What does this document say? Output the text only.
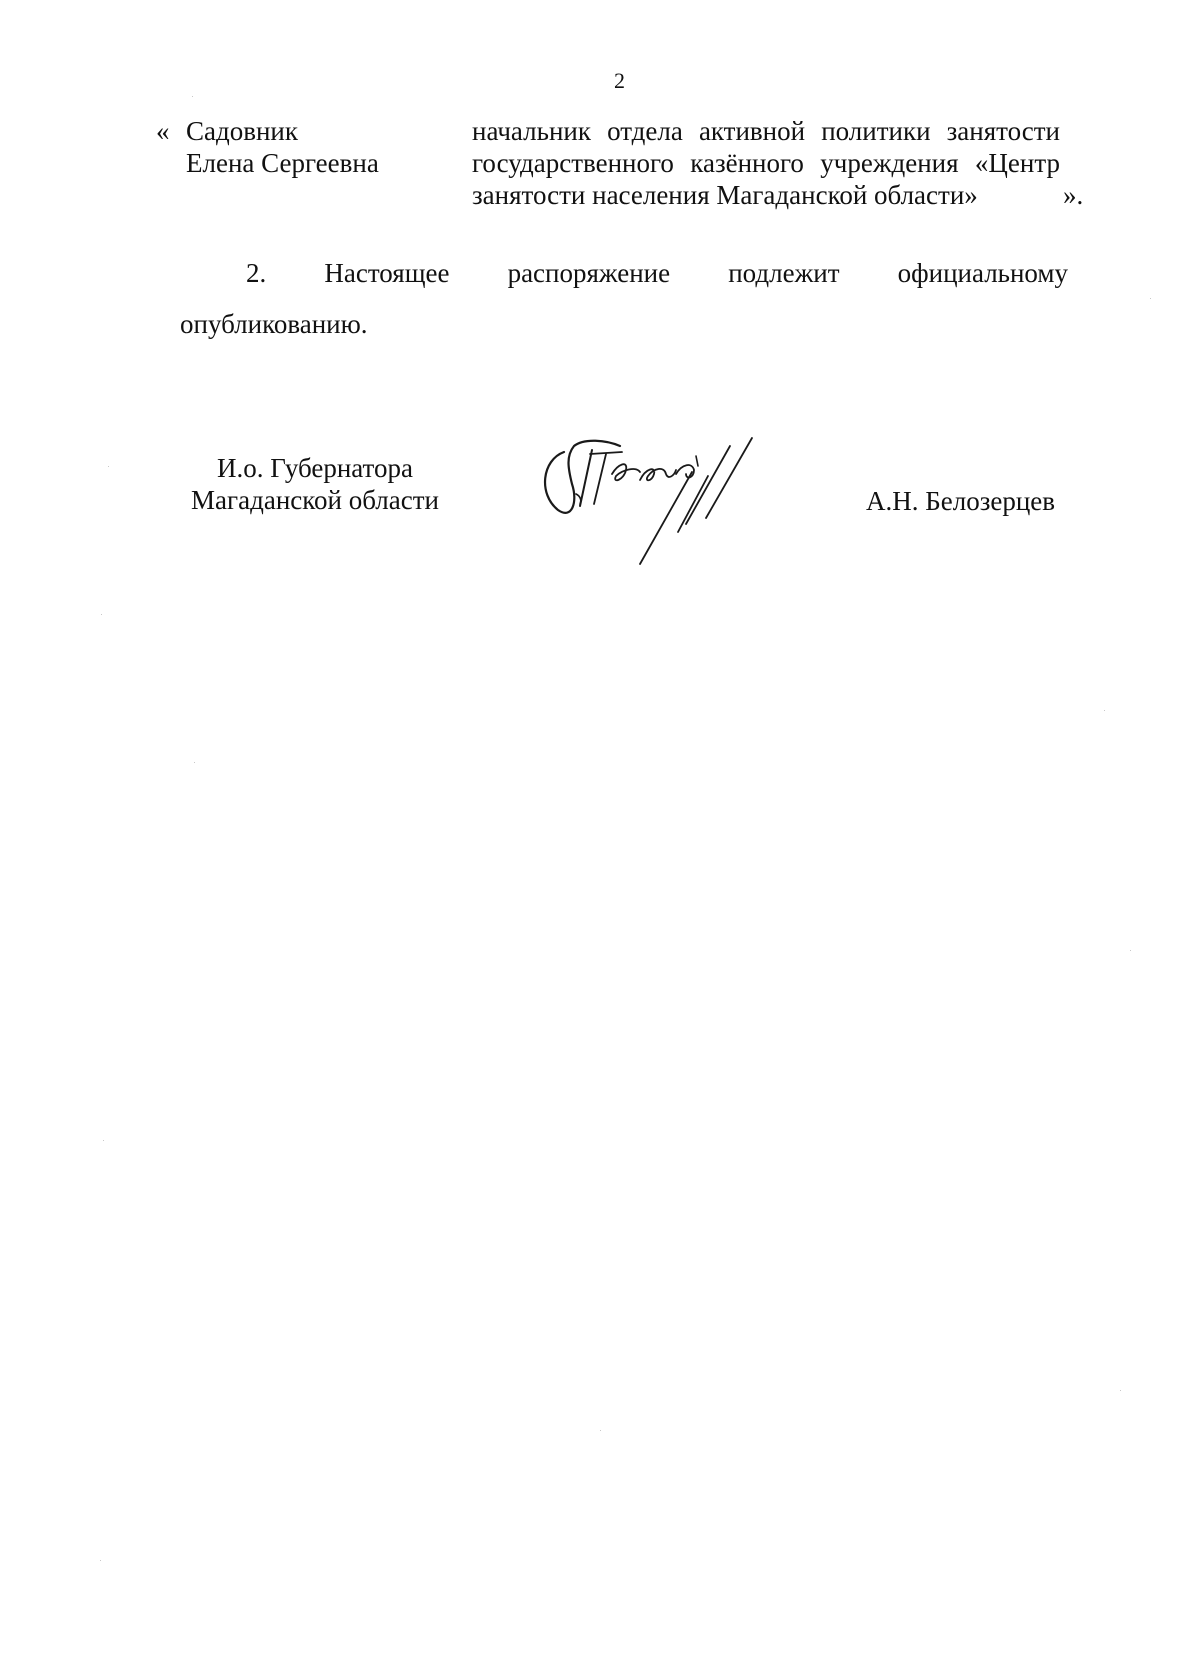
2
« Садовник
Елена Сергеевна
начальник отдела активной политики занятости
государственного казённого учреждения «Центр
занятости населения Магаданской области»	».
2. Настоящее распоряжение подлежит официальному
опубликованию.
И.о. Губернатора
Магаданской области	А.Н. Белозерцев
